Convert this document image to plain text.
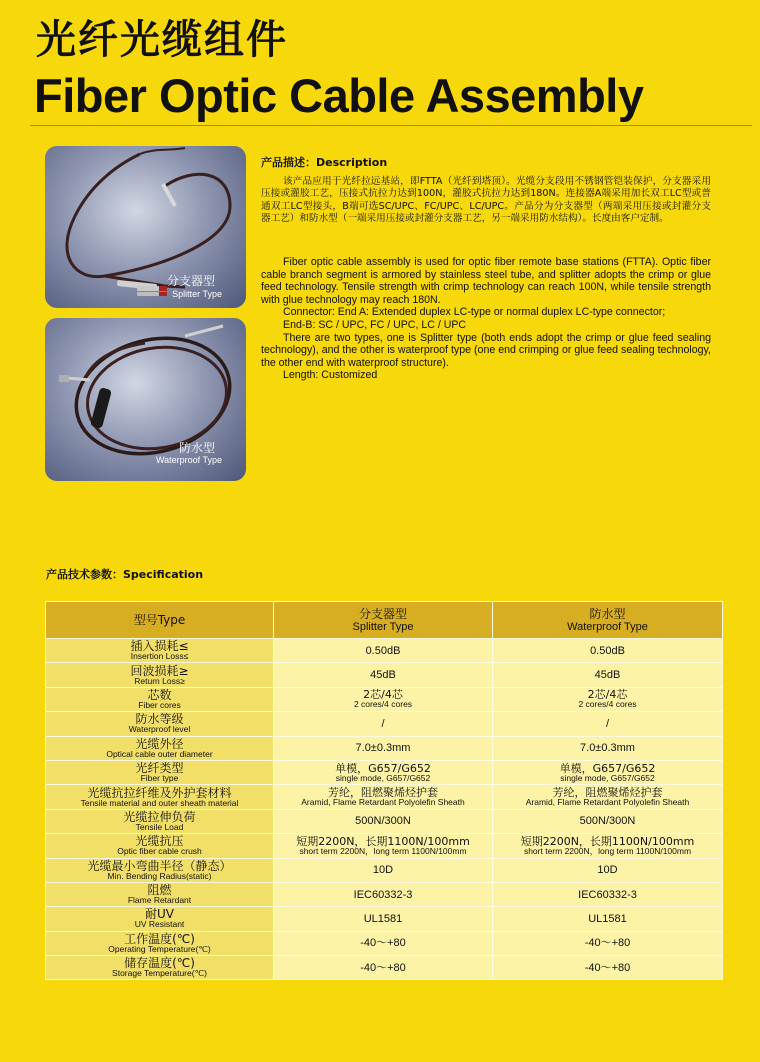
光纤光缆组件
Fiber Optic Cable Assembly
分支器型
Splitter Type
防水型
Waterproof Type
产品描述：Description
该产品应用于光纤拉远基站，即FTTA（光纤到塔顶）。光缆分支段用不锈钢管铠装保护，分支器采用压接或灌胶工艺，压接式抗拉力达到100N，灌胶式抗拉力达到180N。连接器A端采用加长双工LC型或普通双工LC型接头，B端可选SC/UPC、FC/UPC、LC/UPC。产品分为分支器型（两端采用压接或封灌分支器工艺）和防水型（一端采用压接或封灌分支器工艺，另一端采用防水结构）。长度由客户定制。

Fiber optic cable assembly is used for optic fiber remote base stations (FTTA). Optic fiber cable branch segment is armored by stainless steel tube, and splitter adopts the crimp or glue feed technology. Tensile strength with crimp technology can reach 100N, while tensile strength with glue technology may reach 180N.

Connector: End A: Extended duplex LC-type or normal duplex LC-type connector;

End-B: SC / UPC, FC / UPC, LC / UPC

There are two types, one is Splitter type (both ends adopt the crimp or glue feed sealing technology), and the other is waterproof type (one end crimping or glue feed sealing technology, the other end with waterproof structure).

Length: Customized

产品技术参数：Specification
型号Type	分支器型
Splitter Type	防水型
Waterproof Type

插入损耗≤
Insertion Loss≤	0.50dB	0.50dB

回波损耗≥
Return Loss≥	45dB	45dB

芯数
Fiber cores	2芯/4芯
2 cores/4 cores	2芯/4芯
2 cores/4 cores

防水等级
Waterproof level	/	/

光缆外径
Optical cable outer diameter	7.0±0.3mm	7.0±0.3mm

光纤类型
Fiber type	单模，G657/G652
single mode, G657/G652	单模，G657/G652
single mode, G657/G652

光缆抗拉纤维及外护套材料
Tensile material and outer sheath material	芳纶，阻燃聚烯烃护套
Aramid, Flame Retardant Polyolefin Sheath	芳纶，阻燃聚烯烃护套
Aramid, Flame Retardant Polyolefin Sheath

光缆拉伸负荷
Tensile Load	500N/300N	500N/300N

光缆抗压
Optic fiber cable crush	短期2200N，长期1100N/100mm
short term 2200N，long term 1100N/100mm	短期2200N，长期1100N/100mm
short term 2200N，long term 1100N/100mm

光缆最小弯曲半径（静态）
Min. Bending Radius(static)	10D	10D

阻燃
Flame Retardant	IEC60332-3	IEC60332-3

耐UV
UV Resistant	UL1581	UL1581

工作温度(℃)
Operating Temperature(℃)	-40～+80	-40～+80

储存温度(℃)
Storage Temperature(℃)	-40～+80	-40～+80
